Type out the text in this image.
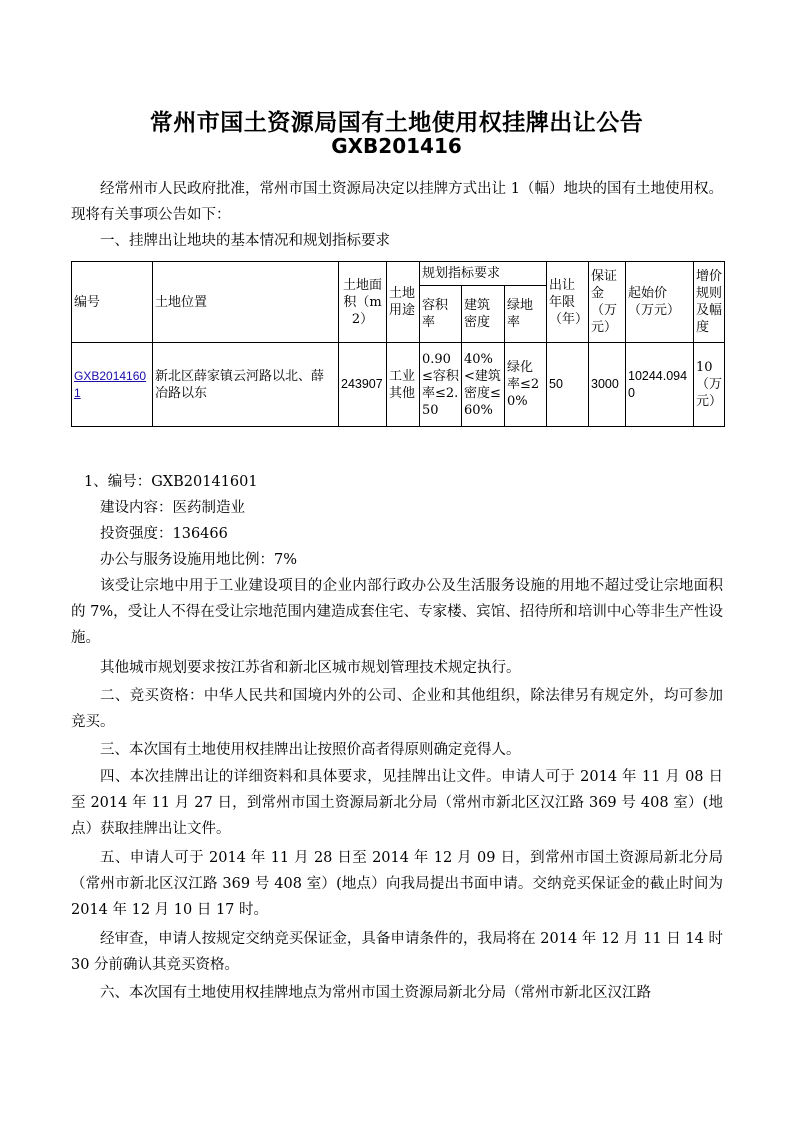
常州市国土资源局国有土地使用权挂牌出让公告
GXB201416

经常州市人民政府批准，常州市国土资源局决定以挂牌方式出让 1（幅）地块的国有土地使用权。现将有关事项公告如下：

一、挂牌出让地块的基本情况和规划指标要求

编号	土地位置	土地面积（m2）	土地用途	规划指标要求			出让年限（年）	保证金（万元）	起始价（万元）	增价规则及幅度
				容积率	建筑密度	绿地率				
GXB20141601	新北区薛家镇云河路以北、薛冶路以东	243907	工业其他	0.90≤容积率≤2.50	40%<建筑密度≤60%	绿化率≤20%	50	3000	10244.0940	10（万元）

1、编号：GXB20141601

建设内容：医药制造业

投资强度：136466

办公与服务设施用地比例：7%

该受让宗地中用于工业建设项目的企业内部行政办公及生活服务设施的用地不超过受让宗地面积的 7%，受让人不得在受让宗地范围内建造成套住宅、专家楼、宾馆、招待所和培训中心等非生产性设施。

其他城市规划要求按江苏省和新北区城市规划管理技术规定执行。

二、竞买资格：中华人民共和国境内外的公司、企业和其他组织，除法律另有规定外，均可参加竞买。

三、本次国有土地使用权挂牌出让按照价高者得原则确定竞得人。

四、本次挂牌出让的详细资料和具体要求，见挂牌出让文件。申请人可于 2014 年 11 月 08 日至 2014 年 11 月 27 日，到常州市国土资源局新北分局（常州市新北区汉江路 369 号 408 室）(地点）获取挂牌出让文件。

五、申请人可于 2014 年 11 月 28 日至 2014 年 12 月 09 日，到常州市国土资源局新北分局（常州市新北区汉江路 369 号 408 室）(地点）向我局提出书面申请。交纳竞买保证金的截止时间为 2014 年 12 月 10 日 17 时。

经审查，申请人按规定交纳竞买保证金，具备申请条件的，我局将在 2014 年 12 月 11 日 14 时 30 分前确认其竞买资格。

六、本次国有土地使用权挂牌地点为常州市国土资源局新北分局（常州市新北区汉江路
